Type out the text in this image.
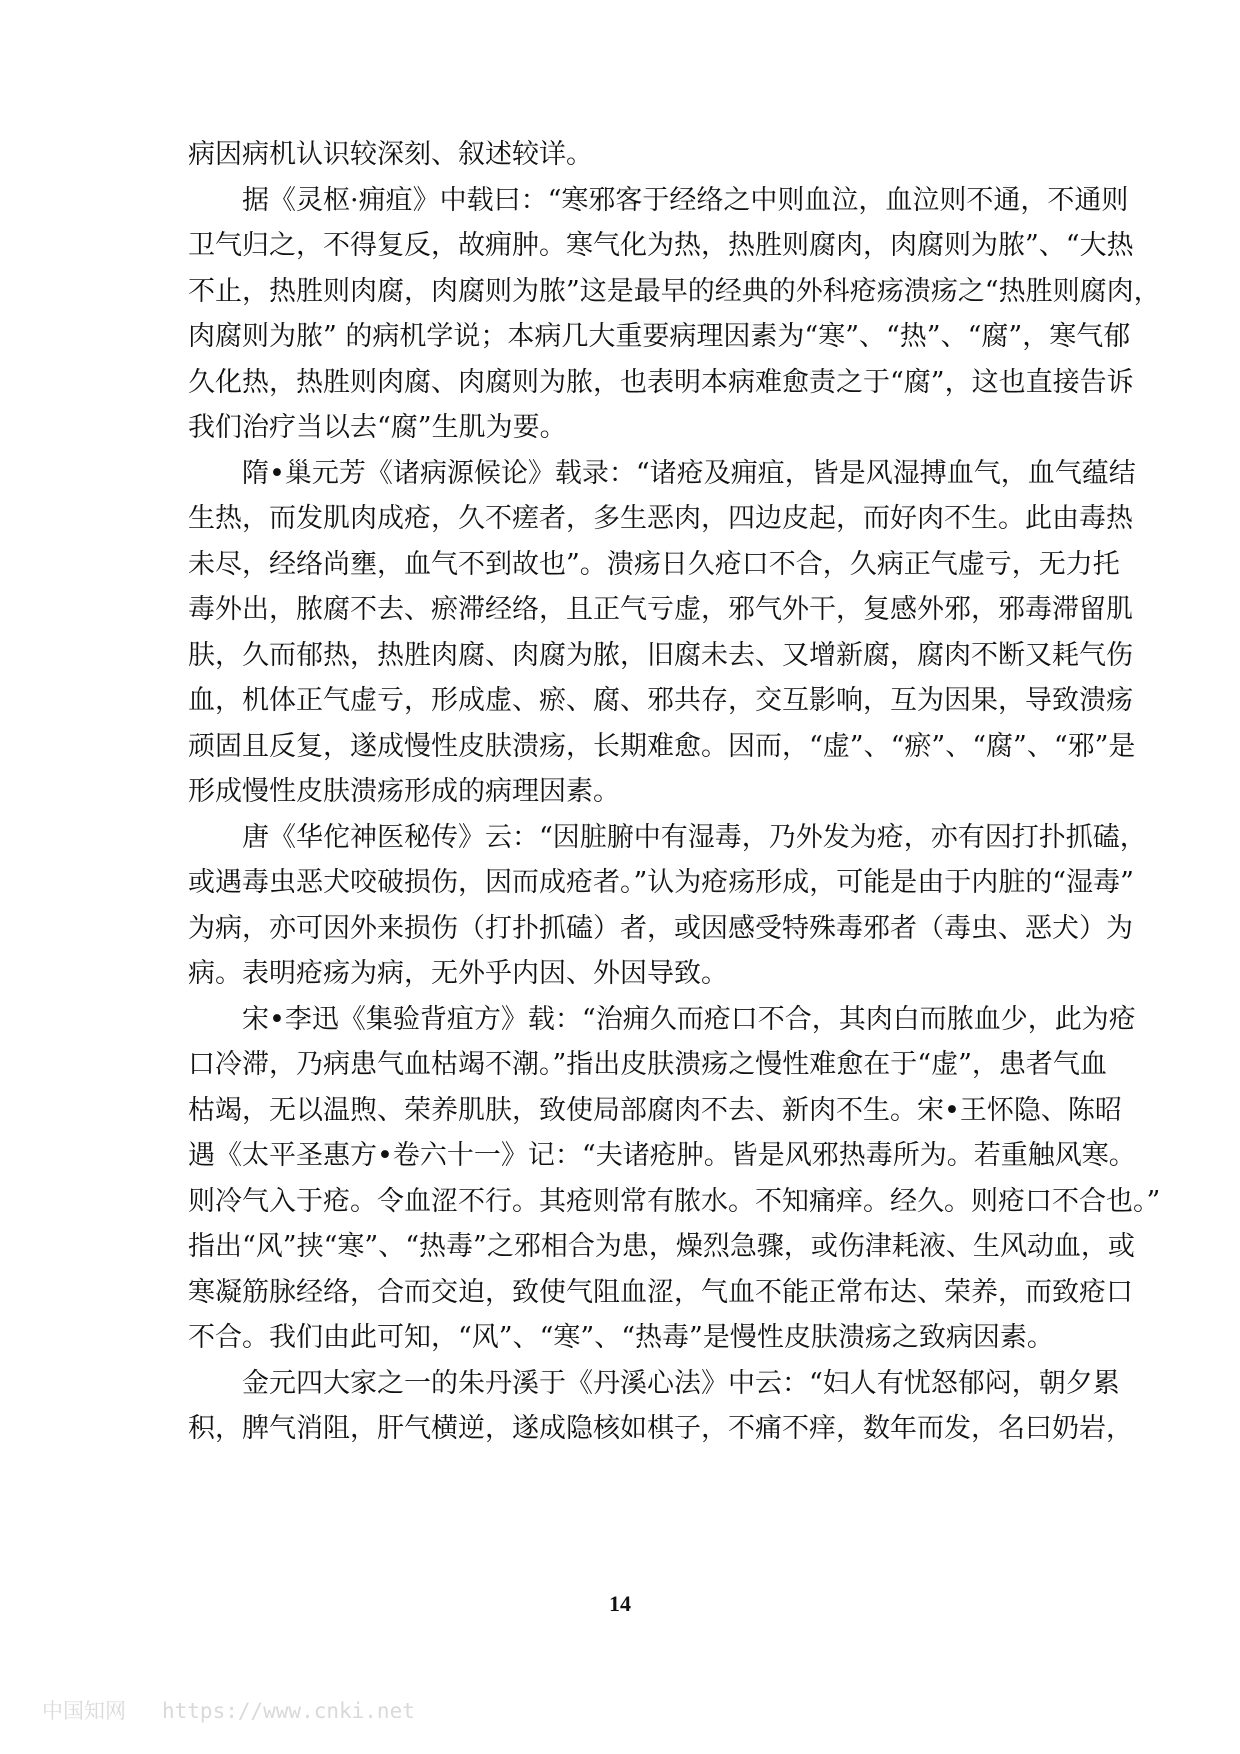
病因病机认识较深刻、叙述较详。
据《灵枢·痈疽》中载曰：“寒邪客于经络之中则血泣，血泣则不通，不通则
卫气归之，不得复反，故痈肿。寒气化为热，热胜则腐肉，肉腐则为脓”、“大热
不止，热胜则肉腐，肉腐则为脓”这是最早的经典的外科疮疡溃疡之“热胜则腐肉，
肉腐则为脓” 的病机学说；本病几大重要病理因素为“寒”、“热”、“腐”，寒气郁
久化热，热胜则肉腐、肉腐则为脓，也表明本病难愈责之于“腐”，这也直接告诉
我们治疗当以去“腐”生肌为要。
隋•巢元芳《诸病源候论》载录：“诸疮及痈疽，皆是风湿搏血气，血气蕴结
生热，而发肌肉成疮，久不瘥者，多生恶肉，四边皮起，而好肉不生。此由毒热
未尽，经络尚壅，血气不到故也”。溃疡日久疮口不合，久病正气虚亏，无力托
毒外出，脓腐不去、瘀滞经络，且正气亏虚，邪气外干，复感外邪，邪毒滞留肌
肤，久而郁热，热胜肉腐、肉腐为脓，旧腐未去、又增新腐，腐肉不断又耗气伤
血，机体正气虚亏，形成虚、瘀、腐、邪共存，交互影响，互为因果，导致溃疡
顽固且反复，遂成慢性皮肤溃疡，长期难愈。因而，“虚”、“瘀”、“腐”、“邪”是
形成慢性皮肤溃疡形成的病理因素。
唐《华佗神医秘传》云：“因脏腑中有湿毒，乃外发为疮，亦有因打扑抓磕，
或遇毒虫恶犬咬破损伤，因而成疮者。”认为疮疡形成，可能是由于内脏的“湿毒”
为病，亦可因外来损伤（打扑抓磕）者，或因感受特殊毒邪者（毒虫、恶犬）为
病。表明疮疡为病，无外乎内因、外因导致。
宋•李迅《集验背疽方》载：“治痈久而疮口不合，其肉白而脓血少，此为疮
口冷滞，乃病患气血枯竭不潮。”指出皮肤溃疡之慢性难愈在于“虚”，患者气血
枯竭，无以温煦、荣养肌肤，致使局部腐肉不去、新肉不生。宋•王怀隐、陈昭
遇《太平圣惠方•卷六十一》记：“夫诸疮肿。皆是风邪热毒所为。若重触风寒。
则冷气入于疮。令血涩不行。其疮则常有脓水。不知痛痒。经久。则疮口不合也。”
指出“风”挟“寒”、“热毒”之邪相合为患，燥烈急骤，或伤津耗液、生风动血，或
寒凝筋脉经络，合而交迫，致使气阻血涩，气血不能正常布达、荣养，而致疮口
不合。我们由此可知，“风”、“寒”、“热毒”是慢性皮肤溃疡之致病因素。
金元四大家之一的朱丹溪于《丹溪心法》中云：“妇人有忧怒郁闷，朝夕累
积，脾气消阻，肝气横逆，遂成隐核如棋子，不痛不痒，数年而发，名曰奶岩，
14
中国知网 https://www.cnki.net
